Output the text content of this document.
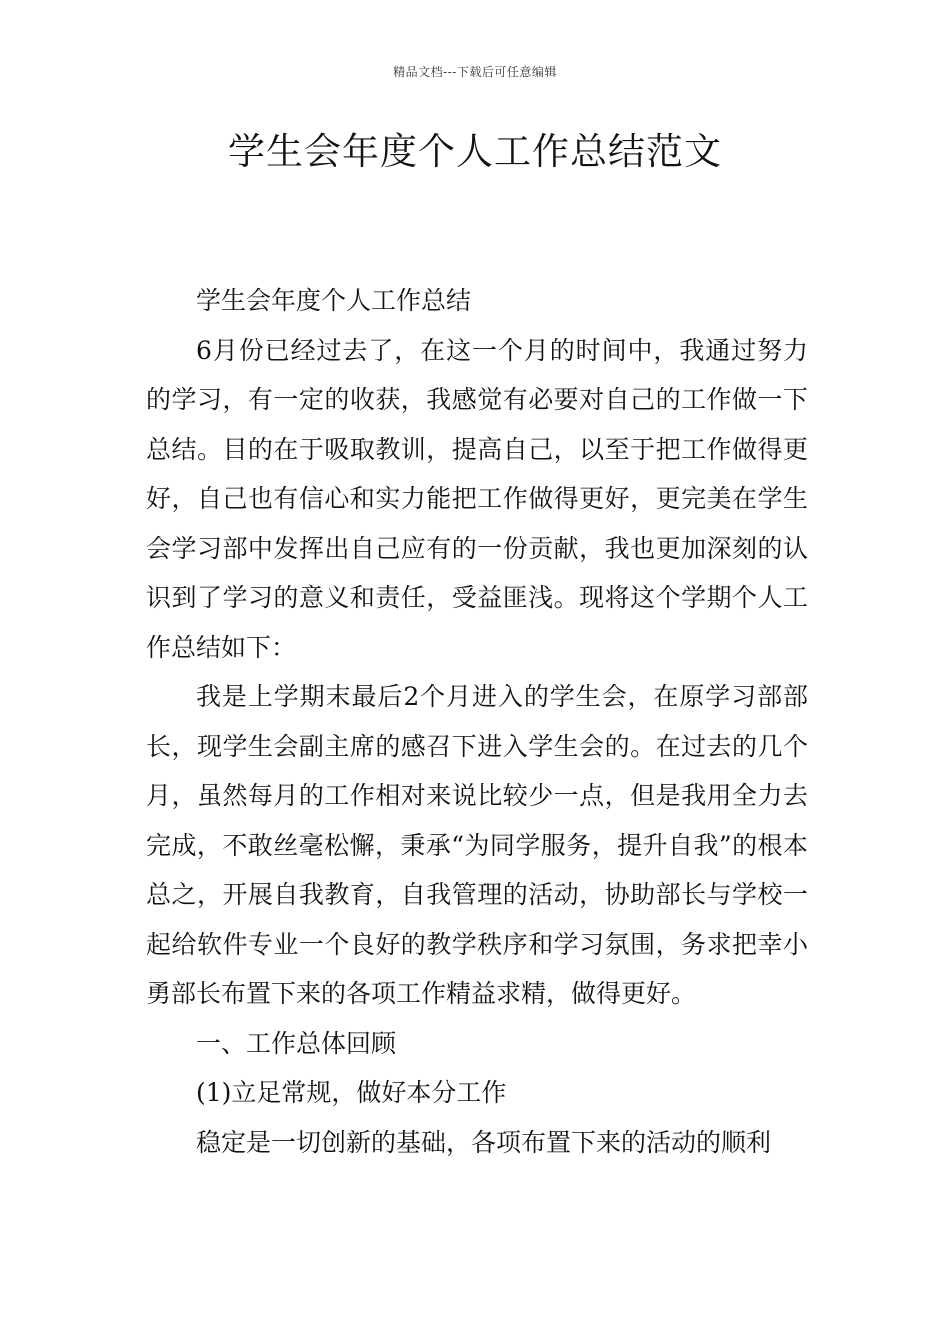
精品文档---下载后可任意编辑
学生会年度个人工作总结范文

学生会年度个人工作总结

6月份已经过去了，在这一个月的时间中，我通过努力的学习，有一定的收获，我感觉有必要对自己的工作做一下总结。目的在于吸取教训，提高自己，以至于把工作做得更好，自己也有信心和实力能把工作做得更好，更完美在学生会学习部中发挥出自己应有的一份贡献，我也更加深刻的认识到了学习的意义和责任，受益匪浅。现将这个学期个人工作总结如下：

我是上学期末最后2个月进入的学生会，在原学习部部长，现学生会副主席的感召下进入学生会的。在过去的几个月，虽然每月的工作相对来说比较少一点，但是我用全力去完成，不敢丝毫松懈，秉承“为同学服务，提升自我”的根本总之，开展自我教育，自我管理的活动，协助部长与学校一起给软件专业一个良好的教学秩序和学习氛围，务求把幸小勇部长布置下来的各项工作精益求精，做得更好。

一、工作总体回顾

(1)立足常规，做好本分工作

稳定是一切创新的基础，各项布置下来的活动的顺利
